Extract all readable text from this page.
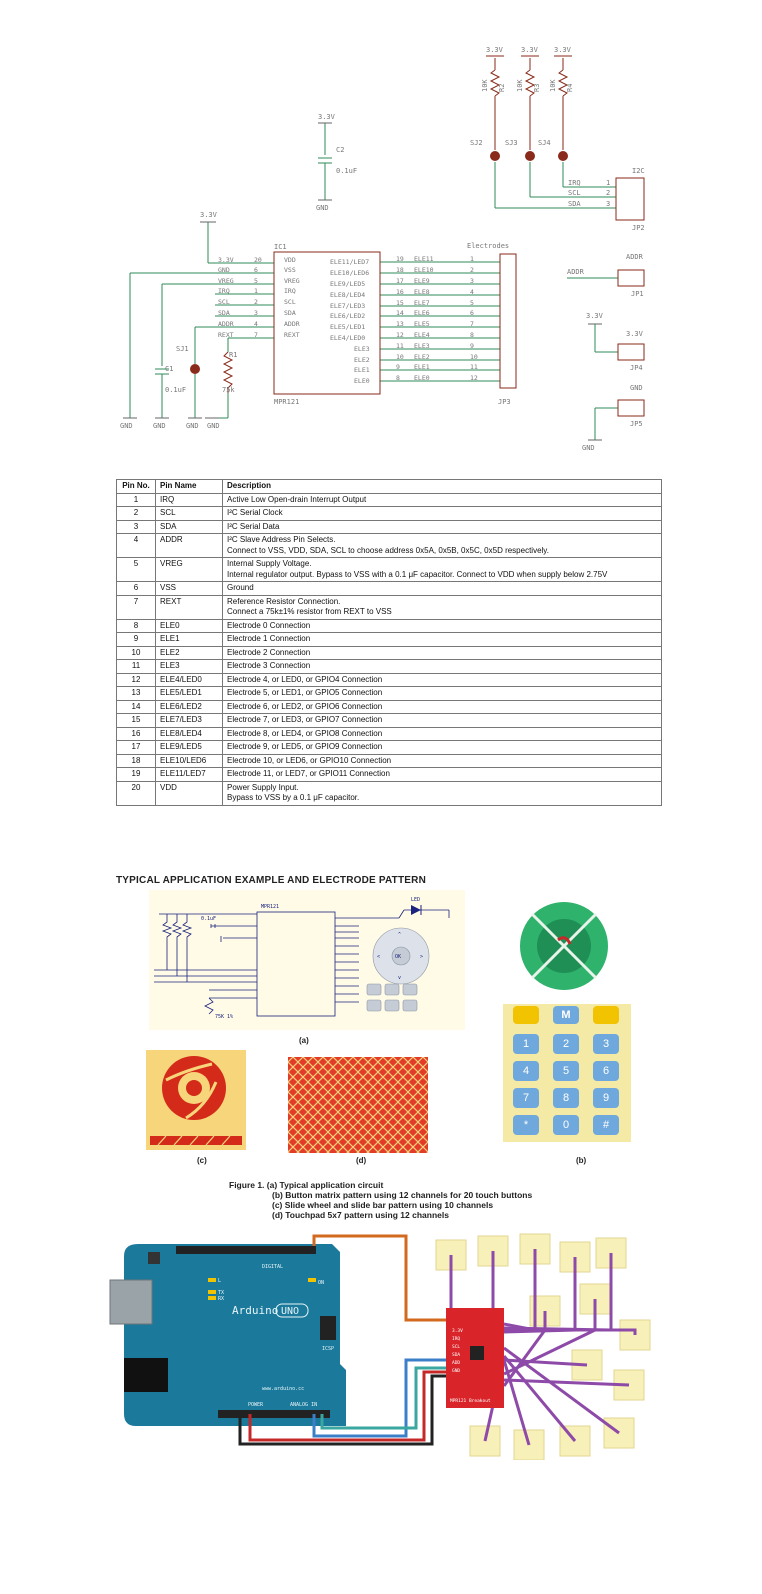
3.3V	3.3V 3.3V
10K R2 10K R3 10K R4
SJ2	SJ3	SJ4
3.3V
C2
0.1uF
GND
3.3V
IC1
MPR121
Electrodes
JP3
SJ1
C1
0.1uF
R1
75k
GND	GND	GND GND
I2C
IRQ
SCL
SDA
1
2
3
JP2
ADDR
ADDR
JP1
3.3V
3.3V
JP4
GND
JP5
GND
3.3V	20	VDD
GND	6	VSS
VREG	5	VREG
IRQ	1	IRQ
SCL	2	SCL
SDA	3	SDA
ADDR	4	ADDR
REXT	7	REXT
ELE11/LED7	19 ELE11	1
ELE10/LED6	18 ELE10	2
ELE9/LED5	17 ELE9	3
ELE8/LED4	16 ELE8	4
ELE7/LED3	15 ELE7	5
ELE6/LED2	14 ELE6	6
ELE5/LED1	13 ELE5	7
ELE4/LED0	12 ELE4	8
ELE3	11 ELE3	9
ELE2	10 ELE2	10
ELE1	9 ELE1	11
ELE0	8 ELE0	12
Pin No.	Pin Name	Description
1	IRQ	Active Low Open-drain Interrupt Output

2	SCL	I²C Serial Clock

3	SDA	I²C Serial Data

4	ADDR	I²C Slave Address Pin Selects.
Connect to VSS, VDD, SDA, SCL to choose address 0x5A, 0x5B, 0x5C, 0x5D respectively.

5	VREG	Internal Supply Voltage.
Internal regulator output. Bypass to VSS with a 0.1 μF capacitor. Connect to VDD when supply below 2.75V

6	VSS	Ground

7	REXT	Reference Resistor Connection.
Connect a 75k±1% resistor from REXT to VSS

8	ELE0	Electrode 0 Connection

9	ELE1	Electrode 1 Connection

10	ELE2	Electrode 2 Connection

11	ELE3	Electrode 3 Connection

12	ELE4/LED0	Electrode 4, or LED0, or GPIO4 Connection

13	ELE5/LED1	Electrode 5, or LED1, or GPIO5 Connection

14	ELE6/LED2	Electrode 6, or LED2, or GPIO6 Connection

15	ELE7/LED3	Electrode 7, or LED3, or GPIO7 Connection

16	ELE8/LED4	Electrode 8, or LED4, or GPIO8 Connection

17	ELE9/LED5	Electrode 9, or LED5, or GPIO9 Connection

18	ELE10/LED6	Electrode 10, or LED6, or GPIO10 Connection

19	ELE11/LED7	Electrode 11, or LED7, or GPIO11 Connection

20	VDD	Power Supply Input.
Bypass to VSS by a 0.1 μF capacitor.
TYPICAL APPLICATION EXAMPLE AND ELECTRODE PATTERN
MPR121
LED
0.1uF
75K 1%
^
<	OK	>
v
(a)
M
1	2	3
4	5	6
7	8	9
*	0	#
(b)
(c)	(d)
Figure 1. (a) Typical application circuit
(b) Button matrix pattern using 12 channels for 20 touch buttons
(c) Slide wheel and slide bar pattern using 10 channels
(d) Touchpad 5x7 pattern using 12 channels
Arduino UNO
ON
TX
RX
L
ICSP
DIGITAL
ANALOG IN
POWER
www.arduino.cc
3.3V
IRQ
SCL
SDA
ADD
GND
MPR121 Breakout
